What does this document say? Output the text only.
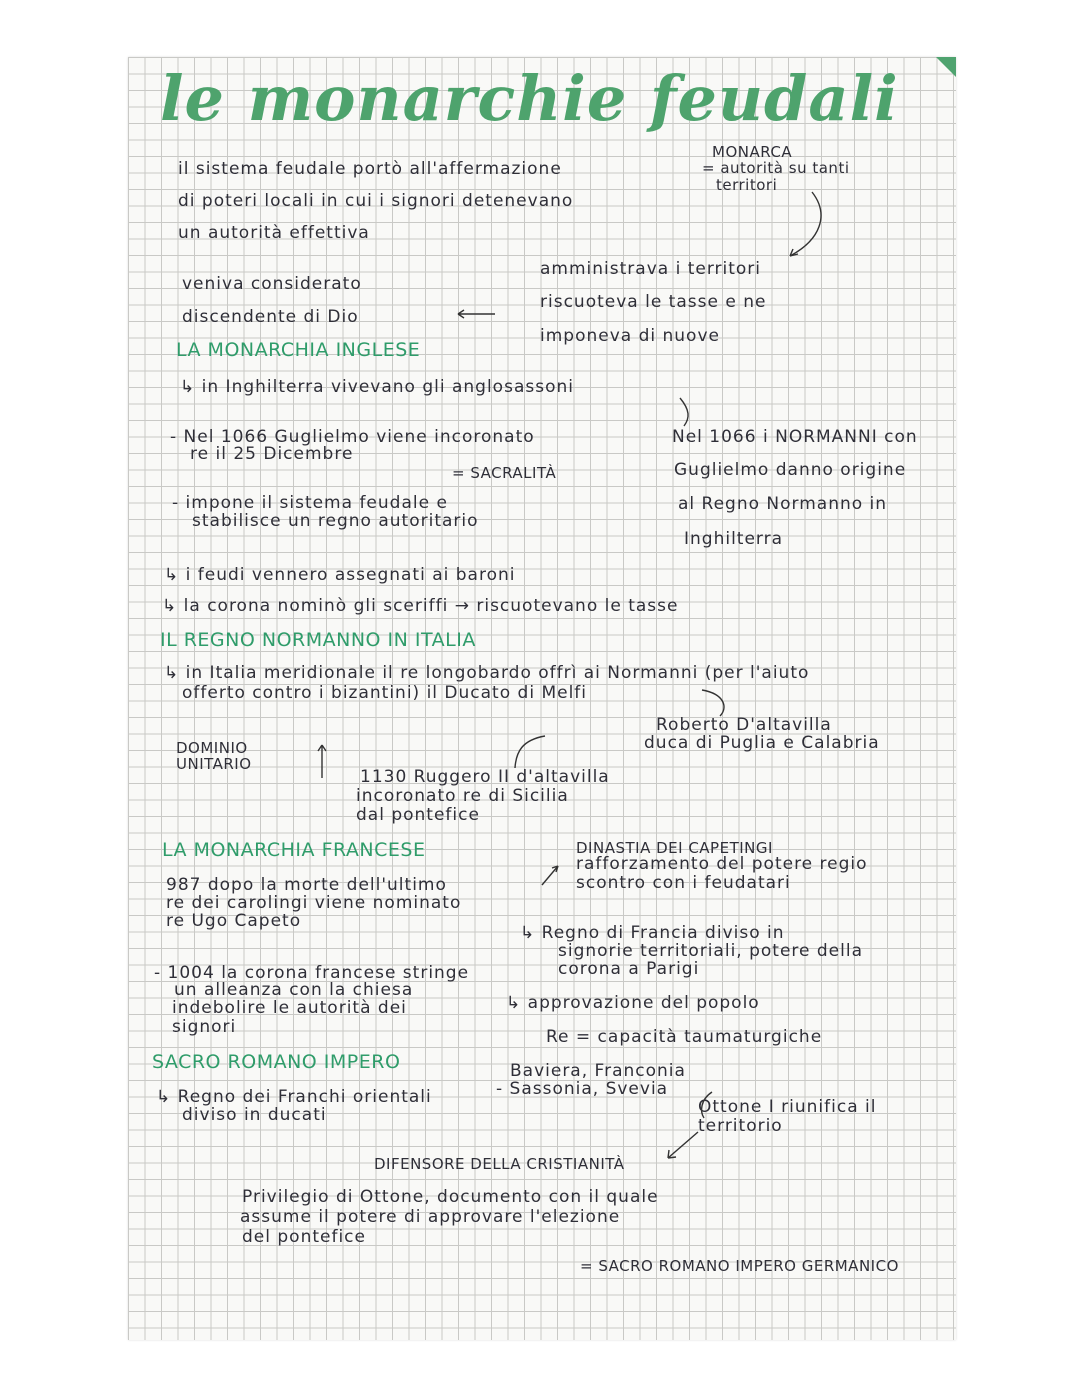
le monarchie feudali
il sistema feudale portò all'affermazione
di poteri locali in cui i signori detenevano
un autorità effettiva
MONARCA
= autorità su tanti
territori
amministrava i territori
riscuoteva le tasse e ne
imponeva di nuove
veniva considerato
discendente di Dio
LA MONARCHIA INGLESE
↳ in Inghilterra vivevano gli anglosassoni
Nel 1066 i NORMANNI con
Guglielmo danno origine
al Regno Normanno in
Inghilterra
- Nel 1066 Guglielmo viene incoronato
re il 25 Dicembre
= SACRALITÀ
- impone il sistema feudale e
stabilisce un regno autoritario
↳ i feudi vennero assegnati ai baroni
↳ la corona nominò gli sceriffi → riscuotevano le tasse
IL REGNO NORMANNO IN ITALIA
↳ in Italia meridionale il re longobardo offrì ai Normanni (per l'aiuto
offerto contro i bizantini) il Ducato di Melfi
Roberto D'altavilla
duca di Puglia e Calabria
DOMINIO
UNITARIO
1130 Ruggero II d'altavilla
incoronato re di Sicilia
dal pontefice
LA MONARCHIA FRANCESE	DINASTIA DEI CAPETINGI
rafforzamento del potere regio
scontro con i feudatari
987 dopo la morte dell'ultimo
re dei carolingi viene nominato
re Ugo Capeto
↳ Regno di Francia diviso in
signorie territoriali, potere della
corona a Parigi
- 1004 la corona francese stringe
un alleanza con la chiesa
indebolire le autorità dei
signori
↳ approvazione del popolo
Re = capacità taumaturgiche
SACRO ROMANO IMPERO	Baviera, Franconia
- Sassonia, Svevia
↳ Regno dei Franchi orientali
diviso in ducati	Ottone I riunifica il
territorio
DIFENSORE DELLA CRISTIANITÀ
Privilegio di Ottone, documento con il quale
assume il potere di approvare l'elezione
del pontefice
= SACRO ROMANO IMPERO GERMANICO
